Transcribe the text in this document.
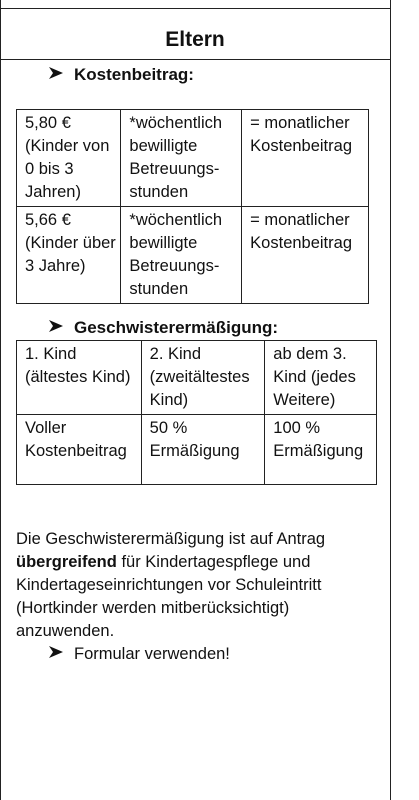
Eltern
Kostenbeitrag:
5,80 € (Kinder von 0 bis 3 Jahren)	*wöchentlich bewilligte Betreuungs-stunden	= monatlicher Kostenbeitrag
5,66 € (Kinder über 3 Jahre)	*wöchentlich bewilligte Betreuungs-stunden	= monatlicher Kostenbeitrag
Geschwisterermäßigung:
1. Kind (ältestes Kind)	2. Kind (zweitältestes Kind)	ab dem 3. Kind (jedes Weitere)
Voller Kostenbeitrag	50 % Ermäßigung	100 % Ermäßigung
Die Geschwisterermäßigung ist auf Antrag übergreifend für Kindertagespflege und Kindertageseinrichtungen vor Schuleintritt (Hortkinder werden mitberücksichtigt) anzuwenden.
Formular verwenden!
